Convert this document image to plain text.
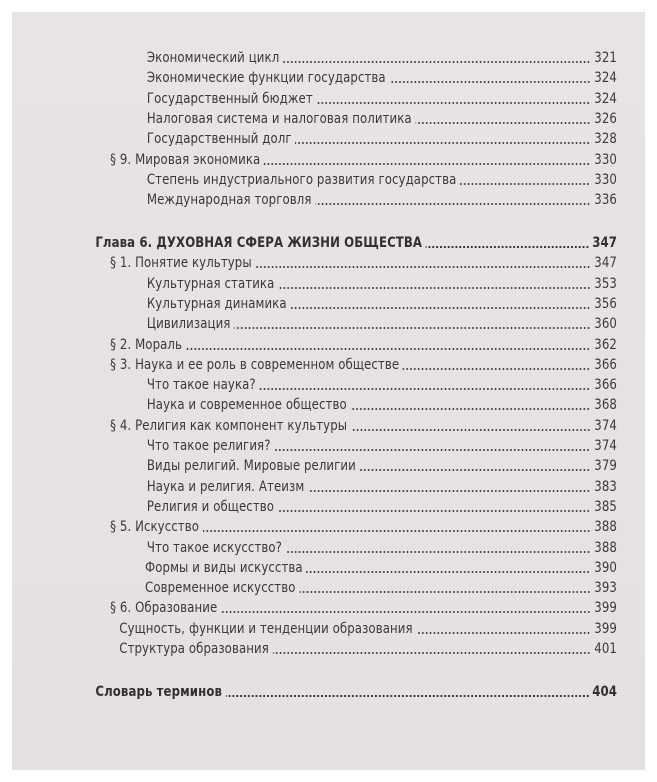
Экономический цикл	321
Экономические функции государства	324
Государственный бюджет	324
Налоговая система и налоговая политика	326
Государственный долг	328
§ 9. Мировая экономика	330
Степень индустриального развития государства	330
Международная торговля	336
Глава 6. ДУХОВНАЯ СФЕРА ЖИЗНИ ОБЩЕСТВА	347
§ 1. Понятие культуры	347
Культурная статика	353
Культурная динамика	356
Цивилизация	360
§ 2. Мораль	362
§ 3. Наука и ее роль в современном обществе	366
Что такое наука?	366
Наука и современное общество	368
§ 4. Религия как компонент культуры	374
Что такое религия?	374
Виды религий. Мировые религии	379
Наука и религия. Атеизм	383
Религия и общество	385
§ 5. Искусство	388
Что такое искусство?	388
Формы и виды искусства	390
Современное искусство	393
§ 6. Образование	399
Сущность, функции и тенденции образования	399
Структура образования	401
Словарь терминов	404
